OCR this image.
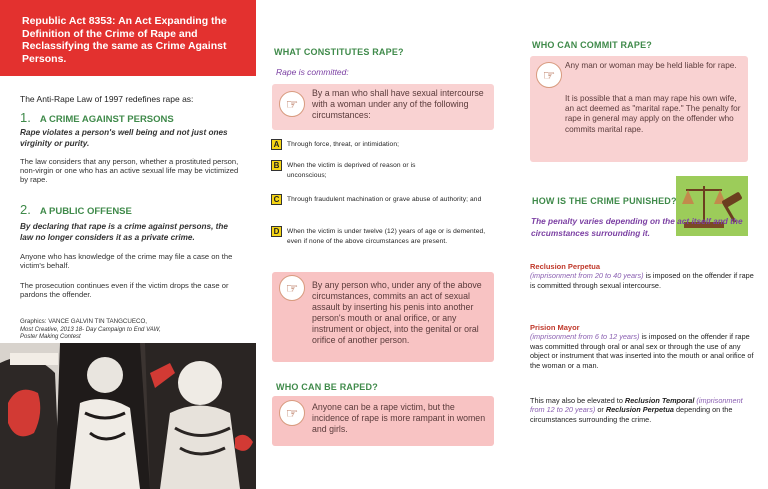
Republic Act 8353: An Act Expanding the Definition of the Crime of Rape and Reclassifying the same as Crime Against Persons.
The Anti-Rape Law of 1997 redefines rape as:
1. A CRIME AGAINST PERSONS
Rape violates a person's well being and not just ones virginity or purity.
The law considers that any person, whether a prostituted person, non-virgin or one who has an active sexual life may be victimized by rape.
2. A PUBLIC OFFENSE
By declaring that rape is a crime against persons, the law no longer considers it as a private crime.
Anyone who has knowledge of the crime may file a case on the victim's behalf.
The prosecution continues even if the victim drops the case or pardons the offender.
Graphics: VANCE GALVIN TIN TANGCUECO,
Most Creative, 2013 18- Day Campaign to End VAW,
Poster Making Contest
WHAT CONSTITUTES RAPE?
Rape is committed:
☞
By a man who shall have sexual intercourse with a woman under any of the following circumstances:
A	Through force, threat, or intimidation;
B	When the victim is deprived of reason or is unconscious;
C	Through fraudulent machination or grave abuse of authority; and
D	When the victim is under twelve (12) years of age or is demented, even if none of the above circumstances are present.
☞	By any person who, under any of the above circumstances, commits an act of sexual assault by inserting his penis into another person's mouth or anal orifice, or any instrument or object, into the genital or oral orifice of another person.
WHO CAN BE RAPED?
☞	Anyone can be a rape victim, but the incidence of rape is more rampant in women and girls.
WHO CAN COMMIT RAPE?
☞
Any man or woman may be held liable for rape.
It is possible that a man may rape his own wife, an act deemed as "marital rape." The penalty for rape in general may apply on the offender who commits marital rape.
HOW IS THE CRIME PUNISHED?
The penalty varies depending on the act itself and the circumstances surrounding it.
Reclusion Perpetua

(imprisonment from 20 to 40 years) is imposed on the offender if rape is committed through sexual intercourse.
Prision Mayor

(imprisonment from 6 to 12 years) is imposed on the offender if rape was committed through oral or anal sex or through the use of any object or instrument that was inserted into the mouth or anal orifice of the woman or a man.
This may also be elevated to Reclusion Temporal (imprisonment from 12 to 20 years) or Reclusion Perpetua depending on the circumstances surrounding the crime.
